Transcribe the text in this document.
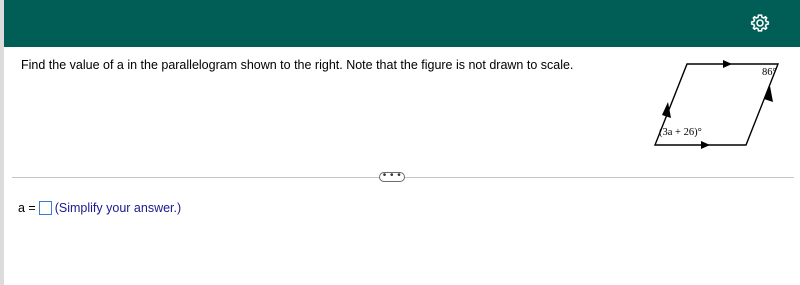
Find the value of a in the parallelogram shown to the right. Note that the figure is not drawn to scale.
86°
(3a + 26)°
• • •
a = (Simplify your answer.)
